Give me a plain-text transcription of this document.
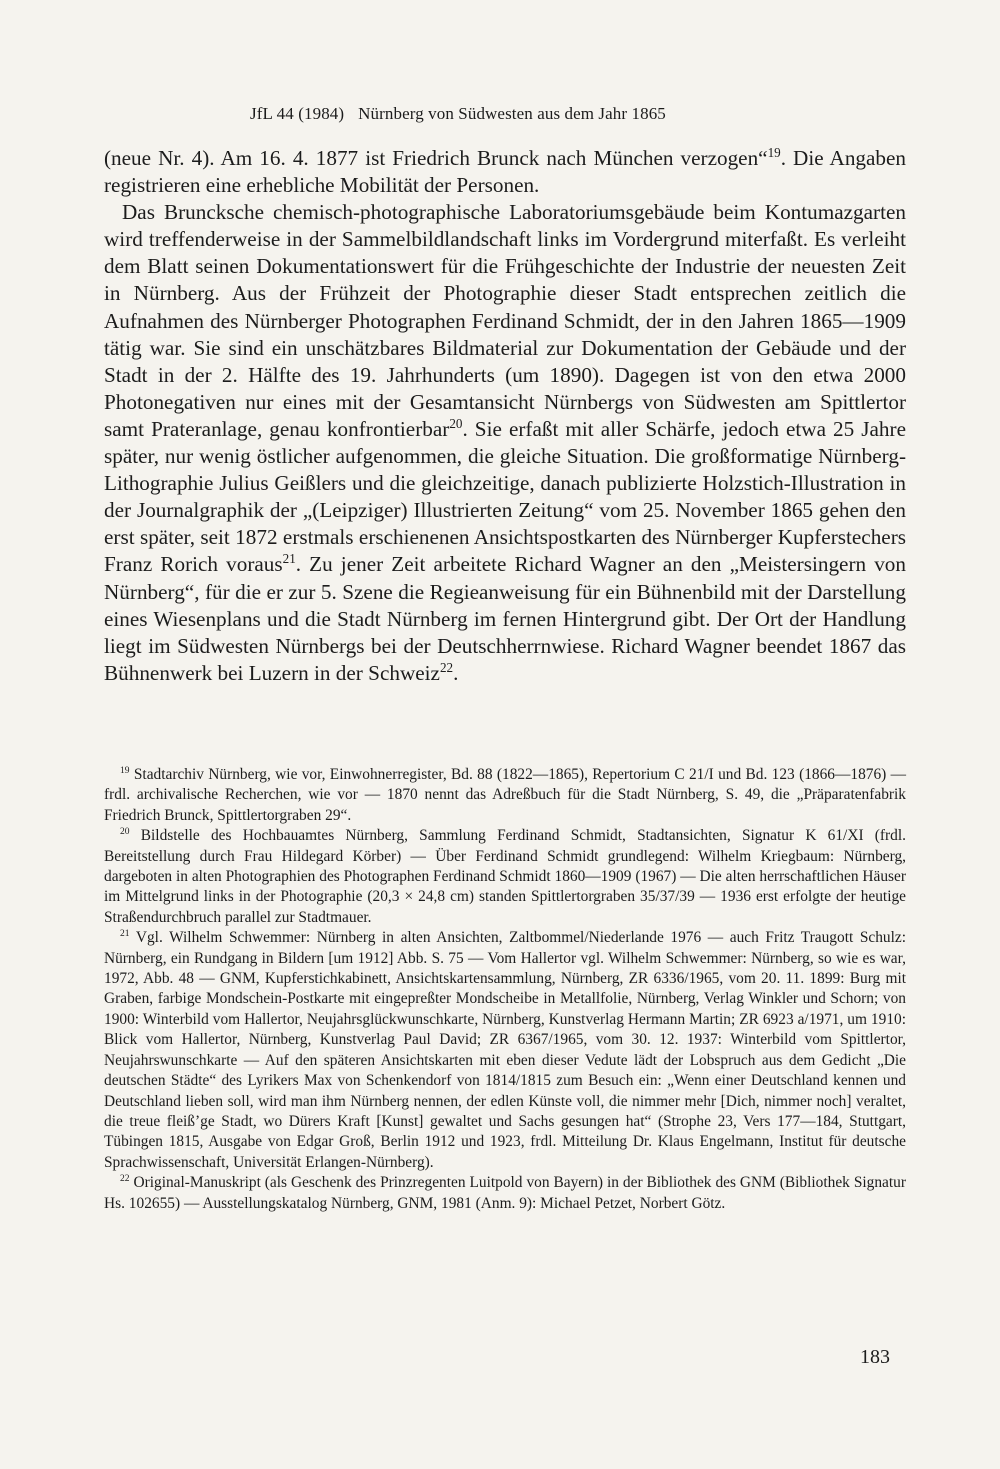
JfL 44 (1984) Nürnberg von Südwesten aus dem Jahr 1865

(neue Nr. 4). Am 16. 4. 1877 ist Friedrich Brunck nach München verzogen“$^{19}$. Die Angaben registrieren eine erhebliche Mobilität der Personen.

Das Bruncksche chemisch-photographische Laboratoriumsgebäude beim Kontumazgarten wird treffenderweise in der Sammelbildlandschaft links im Vordergrund miterfaßt. Es verleiht dem Blatt seinen Dokumentationswert für die Frühgeschichte der Industrie der neuesten Zeit in Nürnberg. Aus der Frühzeit der Photographie dieser Stadt entsprechen zeitlich die Aufnahmen des Nürnberger Photographen Ferdinand Schmidt, der in den Jahren 1865—1909 tätig war. Sie sind ein unschätzbares Bildmaterial zur Dokumentation der Gebäude und der Stadt in der 2. Hälfte des 19. Jahrhunderts (um 1890). Dagegen ist von den etwa 2000 Photonegativen nur eines mit der Gesamtansicht Nürnbergs von Südwesten am Spittlertor samt Prateranlage, genau konfrontierbar$^{20}$. Sie erfaßt mit aller Schärfe, jedoch etwa 25 Jahre später, nur wenig östlicher aufgenommen, die gleiche Situation. Die großformatige Nürnberg-Lithographie Julius Geißlers und die gleichzeitige, danach publizierte Holzstich-Illustration in der Journalgraphik der „(Leipziger) Illustrierten Zeitung“ vom 25. November 1865 gehen den erst später, seit 1872 erstmals erschienenen Ansichtspostkarten des Nürnberger Kupferstechers Franz Rorich voraus$^{21}$. Zu jener Zeit arbeitete Richard Wagner an den „Meistersingern von Nürnberg“, für die er zur 5. Szene die Regieanweisung für ein Bühnenbild mit der Darstellung eines Wiesenplans und die Stadt Nürnberg im fernen Hintergrund gibt. Der Ort der Handlung liegt im Südwesten Nürnbergs bei der Deutschherrnwiese. Richard Wagner beendet 1867 das Bühnenwerk bei Luzern in der Schweiz$^{22}$.

$^{19}$ Stadtarchiv Nürnberg, wie vor, Einwohnerregister, Bd. 88 (1822—1865), Repertorium C 21/I und Bd. 123 (1866—1876) — frdl. archivalische Recherchen, wie vor — 1870 nennt das Adreßbuch für die Stadt Nürnberg, S. 49, die „Präparatenfabrik Friedrich Brunck, Spittlertorgraben 29“.

$^{20}$ Bildstelle des Hochbauamtes Nürnberg, Sammlung Ferdinand Schmidt, Stadtansichten, Signatur K 61/XI (frdl. Bereitstellung durch Frau Hildegard Körber) — Über Ferdinand Schmidt grundlegend: Wilhelm Kriegbaum: Nürnberg, dargeboten in alten Photographien des Photographen Ferdinand Schmidt 1860—1909 (1967) — Die alten herrschaftlichen Häuser im Mittelgrund links in der Photographie (20,3 × 24,8 cm) standen Spittlertorgraben 35/37/39 — 1936 erst erfolgte der heutige Straßendurchbruch parallel zur Stadtmauer.

$^{21}$ Vgl. Wilhelm Schwemmer: Nürnberg in alten Ansichten, Zaltbommel/Niederlande 1976 — auch Fritz Traugott Schulz: Nürnberg, ein Rundgang in Bildern [um 1912] Abb. S. 75 — Vom Hallertor vgl. Wilhelm Schwemmer: Nürnberg, so wie es war, 1972, Abb. 48 — GNM, Kupferstichkabinett, Ansichtskartensammlung, Nürnberg, ZR 6336/1965, vom 20. 11. 1899: Burg mit Graben, farbige Mondschein-Postkarte mit eingepreßter Mondscheibe in Metallfolie, Nürnberg, Verlag Winkler und Schorn; von 1900: Winterbild vom Hallertor, Neujahrsglückwunschkarte, Nürnberg, Kunstverlag Hermann Martin; ZR 6923 a/1971, um 1910: Blick vom Hallertor, Nürnberg, Kunstverlag Paul David; ZR 6367/1965, vom 30. 12. 1937: Winterbild vom Spittlertor, Neujahrswunschkarte — Auf den späteren Ansichtskarten mit eben dieser Vedute lädt der Lobspruch aus dem Gedicht „Die deutschen Städte“ des Lyrikers Max von Schenkendorf von 1814/1815 zum Besuch ein: „Wenn einer Deutschland kennen und Deutschland lieben soll, wird man ihm Nürnberg nennen, der edlen Künste voll, die nimmer mehr [Dich, nimmer noch] veraltet, die treue fleiß’ge Stadt, wo Dürers Kraft [Kunst] gewaltet und Sachs gesungen hat“ (Strophe 23, Vers 177—184, Stuttgart, Tübingen 1815, Ausgabe von Edgar Groß, Berlin 1912 und 1923, frdl. Mitteilung Dr. Klaus Engelmann, Institut für deutsche Sprachwissenschaft, Universität Erlangen-Nürnberg).

$^{22}$ Original-Manuskript (als Geschenk des Prinzregenten Luitpold von Bayern) in der Bibliothek des GNM (Bibliothek Signatur Hs. 102655) — Ausstellungskatalog Nürnberg, GNM, 1981 (Anm. 9): Michael Petzet, Norbert Götz.

183
